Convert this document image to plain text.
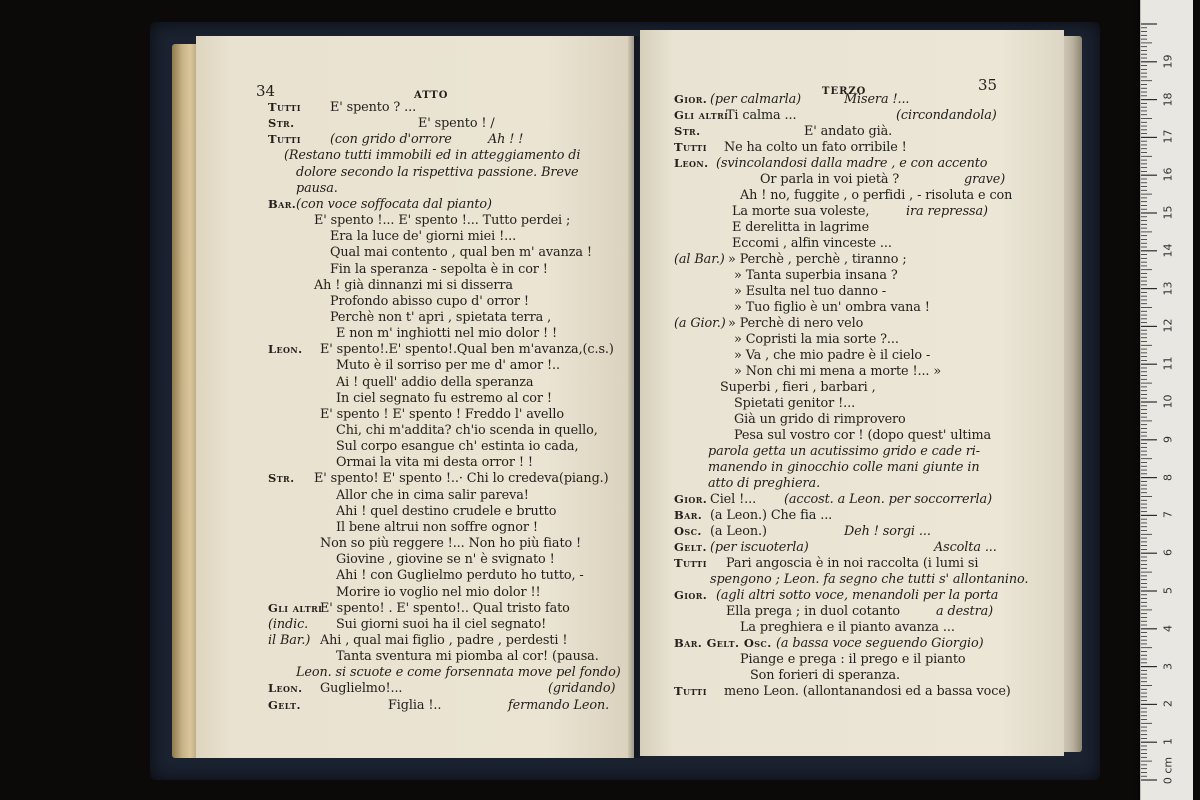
34	ATTO
Tutti E' spento ? ...
Str.	E' spento ! /
Tutti (con grido d'orrore	Ah ! !
(Restano tutti immobili ed in atteggiamento di
dolore secondo la rispettiva passione. Breve
pausa.
Bar. (con voce soffocata dal pianto)
E' spento !... E' spento !... Tutto perdei ;
Era la luce de' giorni miei !...
Qual mai contento , qual ben m' avanza !
Fin la speranza - sepolta è in cor !
Ah ! già dinnanzi mi si disserra
Profondo abisso cupo d' orror !
Perchè non t' apri , spietata terra ,
E non m' inghiotti nel mio dolor ! !
Leon. E' spento!.E' spento!.Qual ben m'avanza,(c.s.)
Muto è il sorriso per me d' amor !..
Ai ! quell' addio della speranza
In ciel segnato fu estremo al cor !
E' spento ! E' spento ! Freddo l' avello
Chi, chi m'addita? ch'io scenda in quello,
Sul corpo esangue ch' estinta io cada,
Ormai la vita mi desta orror ! !
Str. E' spento! E' spento !..· Chi lo credeva(piang.)
Allor che in cima salir pareva!
Ahi ! quel destino crudele e brutto
Il bene altrui non soffre ognor !
Non so più reggere !... Non ho più fiato !
Giovine , giovine se n' è svignato !
Ahi ! con Guglielmo perduto ho tutto, -
Morire io voglio nel mio dolor !!
Gli altri
E' spento! . E' spento!.. Qual tristo fato
(indic. Sui giorni suoi ha il ciel segnato!
il Bar.) Ahi , qual mai figlio , padre , perdesti !
Tanta sventura mi piomba al cor! (pausa.
Leon. si scuote e come forsennata move pel fondo)
Leon. Guglielmo!...	(gridando)
Gelt.	Figlia !..	fermando Leon.
TERZO	35
Gior. (per calmarla)	Misera !...
Gli altri
Ti calma ...	(circondandola)
Str.	E' andato già.
Tutti Ne ha colto un fato orribile !
Leon. (svincolandosi dalla madre , e con accento
Or parla in voi pietà ?	grave)
Ah ! no, fuggite , o perfidi , - risoluta e con
La morte sua voleste,	ira repressa)
E derelitta in lagrime
Eccomi , alfin vinceste ...
(al Bar.) » Perchè , perchè , tiranno ;
» Tanta superbia insana ?
» Esulta nel tuo danno -
» Tuo figlio è un' ombra vana !
(a Gior.) » Perchè di nero velo
» Copristi la mia sorte ?...
» Va , che mio padre è il cielo -
» Non chi mi mena a morte !... »
Superbi , fieri , barbari ,
Spietati genitor !...
Già un grido di rimprovero
Pesa sul vostro cor ! (dopo quest' ultima
parola getta un acutissimo grido e cade ri-
manendo in ginocchio colle mani giunte in
atto di preghiera.
Gior. Ciel !... (accost. a Leon. per soccorrerla)
Bar. (a Leon.) Che fia ...
Osc. (a Leon.)	Deh ! sorgi ...
Gelt. (per iscuoterla)	Ascolta ...
Tutti Pari angoscia è in noi raccolta (i lumi si
spengono ; Leon. fa segno che tutti s' allontanino.
Gior. (agli altri sotto voce, menandoli per la porta
Ella prega ; in duol cotanto	a destra)
La preghiera e il pianto avanza ...
Bar. Gelt. Osc. (a bassa voce seguendo Giorgio)
Piange e prega : il prego e il pianto
Son forieri di speranza.
Tutti meno Leon. (allontanandosi ed a bassa voce)
0 cm
1
2
3
4
5
6
7
8
9
10
11
12
13
14
15
16
17
18
19
